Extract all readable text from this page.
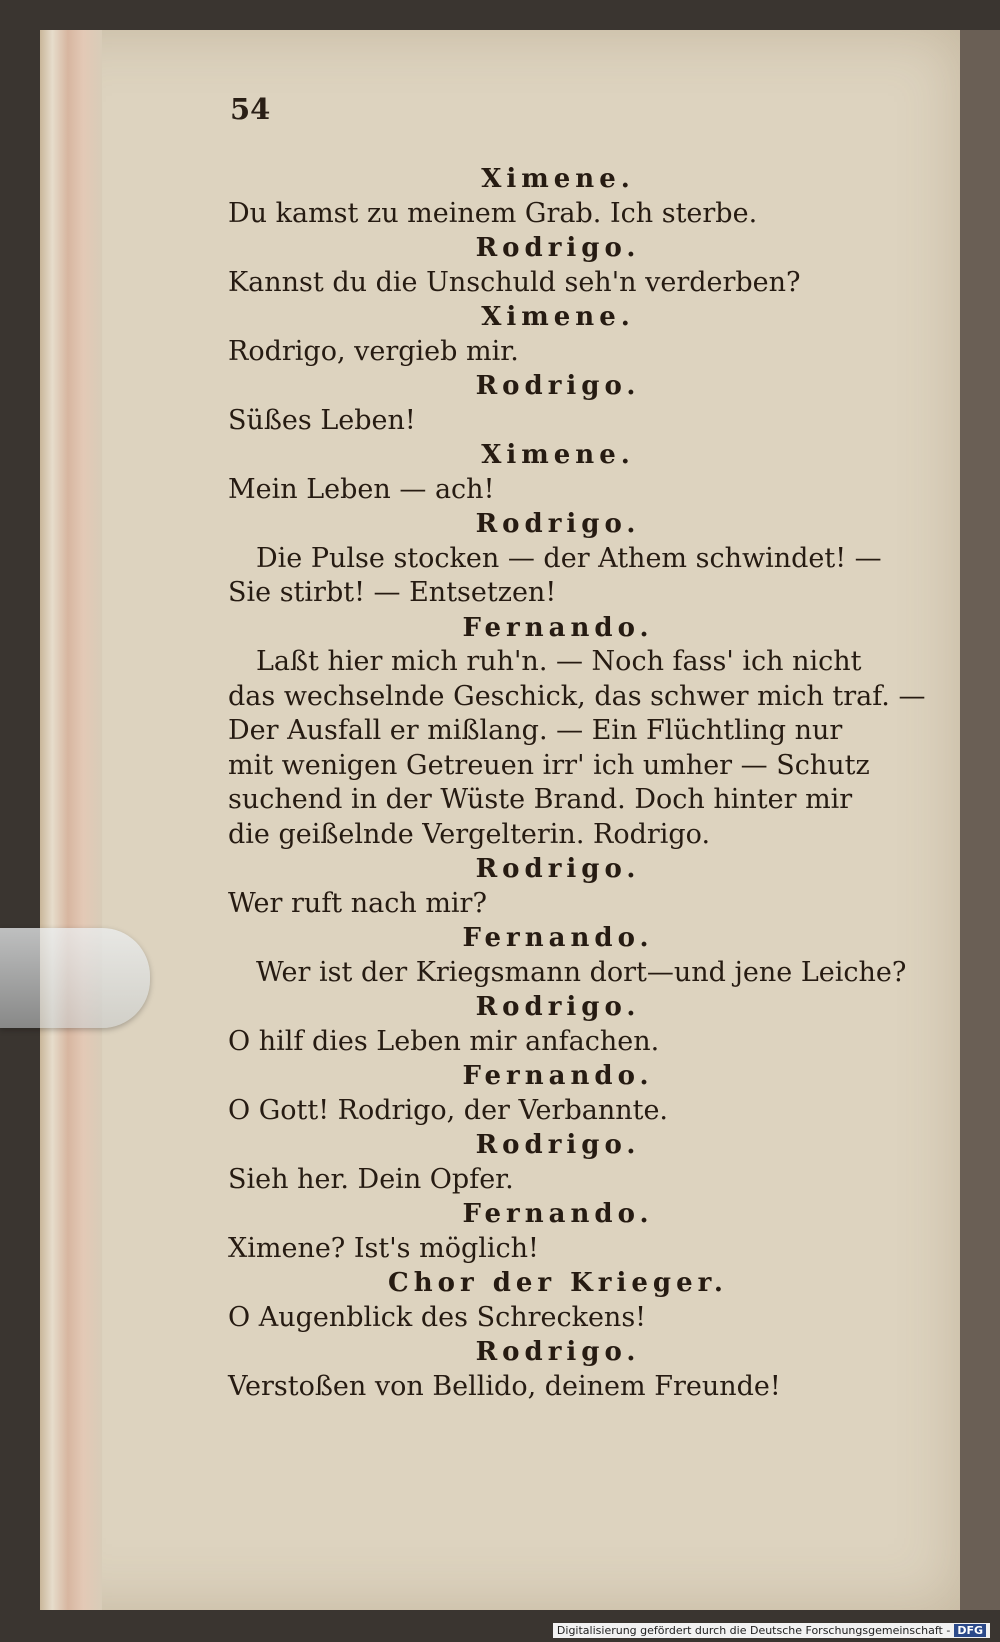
54
Ximene.
Du kamst zu meinem Grab. Ich sterbe.
Rodrigo.
Kannst du die Unschuld seh'n verderben?
Ximene.
Rodrigo, vergieb mir.
Rodrigo.
Süßes Leben!
Ximene.
Mein Leben — ach!
Rodrigo.
Die Pulse stocken — der Athem schwindet! —
Sie stirbt! — Entsetzen!
Fernando.
Laßt hier mich ruh'n. — Noch fass' ich nicht
das wechselnde Geschick, das schwer mich traf. —
Der Ausfall er mißlang. — Ein Flüchtling nur
mit wenigen Getreuen irr' ich umher — Schutz
suchend in der Wüste Brand. Doch hinter mir
die geißelnde Vergelterin. Rodrigo.
Rodrigo.
Wer ruft nach mir?
Fernando.
Wer ist der Kriegsmann dort—und jene Leiche?
Rodrigo.
O hilf dies Leben mir anfachen.
Fernando.
O Gott! Rodrigo, der Verbannte.
Rodrigo.
Sieh her. Dein Opfer.
Fernando.
Ximene? Ist's möglich!
Chor der Krieger.
O Augenblick des Schreckens!
Rodrigo.
Verstoßen von Bellido, deinem Freunde!
Digitalisierung gefördert durch die Deutsche Forschungsgemeinschaft - DFG
